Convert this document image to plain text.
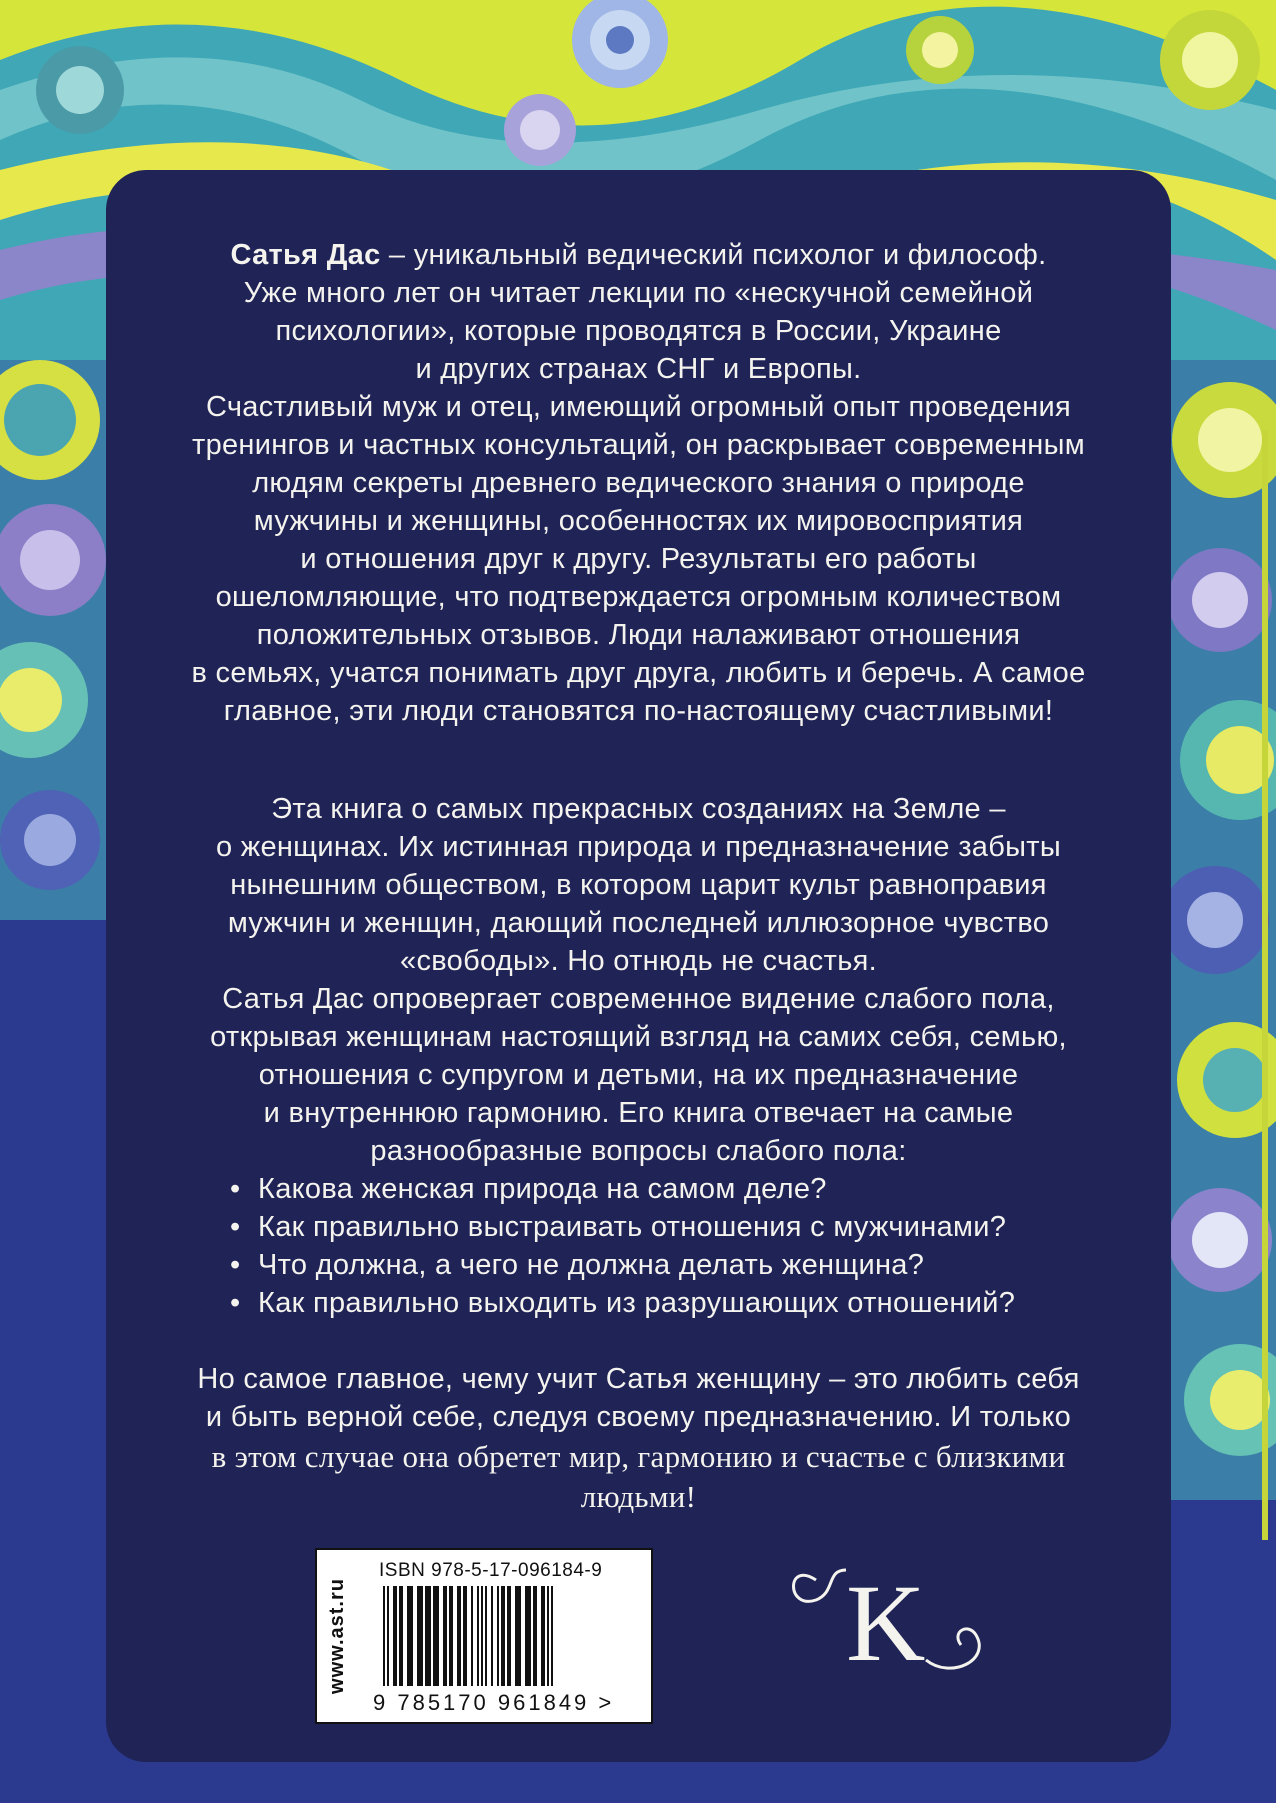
Сатья Дас – уникальный ведический психолог и философ.
Уже много лет он читает лекции по «нескучной семейной
психологии», которые проводятся в России, Украине
и других странах СНГ и Европы.
Счастливый муж и отец, имеющий огромный опыт проведения
тренингов и частных консультаций, он раскрывает современным
людям секреты древнего ведического знания о природе
мужчины и женщины, особенностях их мировосприятия
и отношения друг к другу. Результаты его работы
ошеломляющие, что подтверждается огромным количеством
положительных отзывов. Люди налаживают отношения
в семьях, учатся понимать друг друга, любить и беречь. А самое
главное, эти люди становятся по-настоящему счастливыми!
Эта книга о самых прекрасных созданиях на Земле –
о женщинах. Их истинная природа и предназначение забыты
нынешним обществом, в котором царит культ равноправия
мужчин и женщин, дающий последней иллюзорное чувство
«свободы». Но отнюдь не счастья.
Сатья Дас опровергает современное видение слабого пола,
открывая женщинам настоящий взгляд на самих себя, семью,
отношения с супругом и детьми, на их предназначение
и внутреннюю гармонию. Его книга отвечает на самые
разнообразные вопросы слабого пола:
• Какова женская природа на самом деле?
• Как правильно выстраивать отношения с мужчинами?
• Что должна, а чего не должна делать женщина?
• Как правильно выходить из разрушающих отношений?
Но самое главное, чему учит Сатья женщину – это любить себя
и быть верной себе, следуя своему предназначению. И только
в этом случае она обретет мир, гармонию и счастье с близкими
людьми!
www.ast.ru
ISBN 978-5-17-096184-9
9 785170 961849 >
K
